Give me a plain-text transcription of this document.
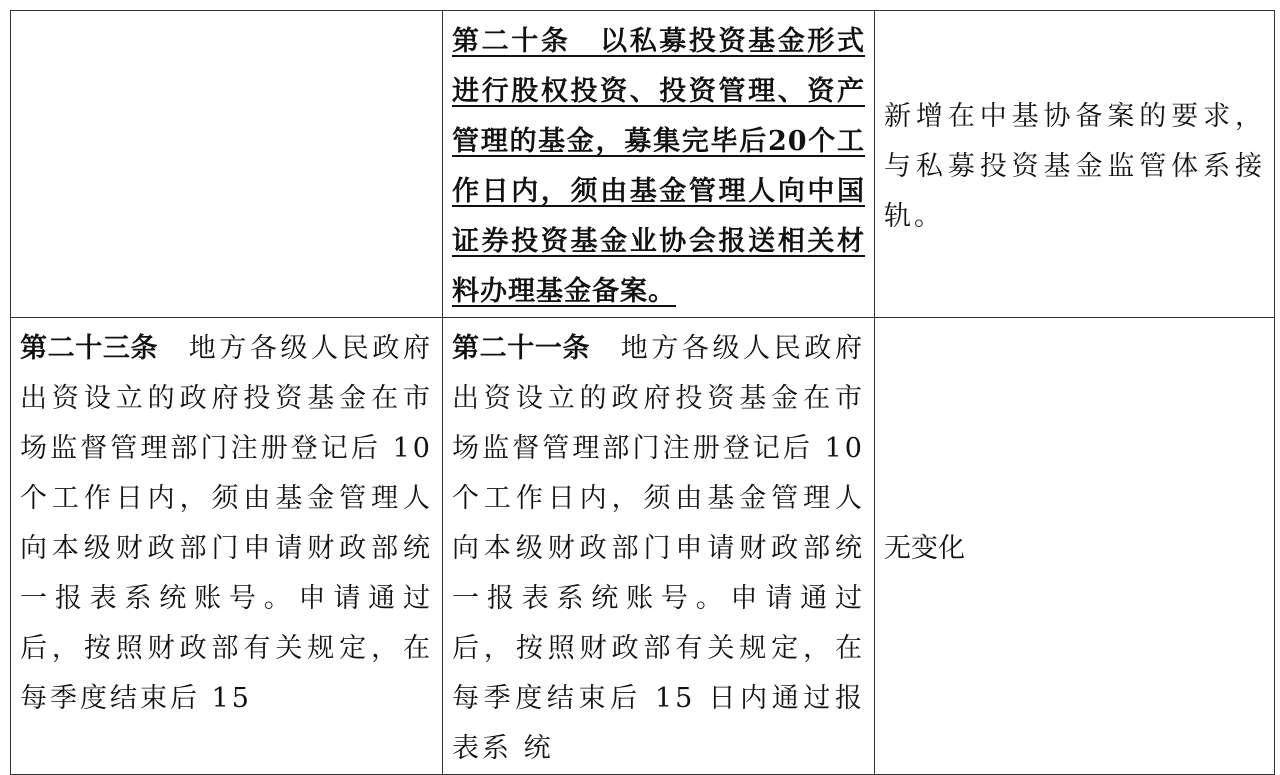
	第二十条　以私募投资基金形式进行股权投资、投资管理、资产管理的基金，募集完毕后20个工作日内，须由基金管理人向中国证券投资基金业协会报送相关材料办理基金备案。	新增在中基协备案的要求，与私募投资基金监管体系接轨。

第二十三条　地方各级人民政府出资设立的政府投资基金在市场监督管理部门注册登记后 10 个工作日内，须由基金管理人向本级财政部门申请财政部统一报表系统账号。申请通过后，按照财政部有关规定，在每季度结束后 15	第二十一条　地方各级人民政府出资设立的政府投资基金在市场监督管理部门注册登记后 10 个工作日内，须由基金管理人向本级财政部门申请财政部统一报表系统账号。申请通过后，按照财政部有关规定，在每季度结束后 15 日内通过报表系 统	无变化
